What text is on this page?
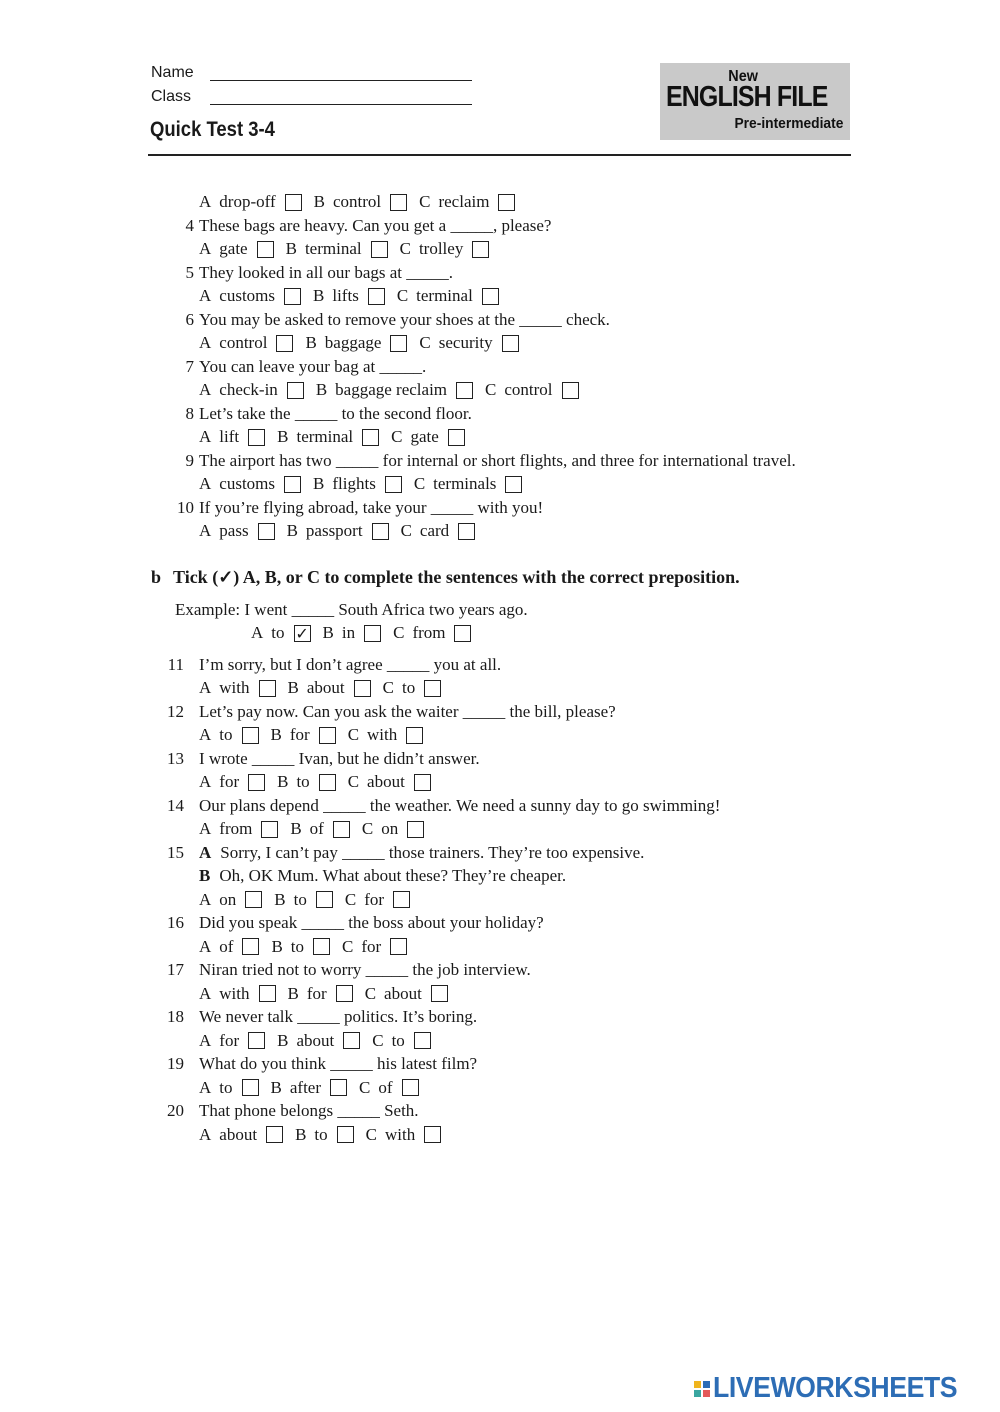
Name
Class
Quick Test 3-4
New
ENGLISH FILE
Pre-intermediate
A drop-off B control C reclaim
4 These bags are heavy. Can you get a _____, please?
A gate B terminal C trolley
5 They looked in all our bags at _____.
A customs B lifts C terminal
6 You may be asked to remove your shoes at the _____ check.
A control B baggage C security
7 You can leave your bag at _____.
A check-in B baggage reclaim C control
8 Let’s take the _____ to the second floor.
A lift B terminal C gate
9 The airport has two _____ for internal or short flights, and three for international travel.
A customs B flights C terminals
10 If you’re flying abroad, take your _____ with you!
A pass B passport C card
b Tick (✓) A, B, or C to complete the sentences with the correct preposition.
Example: I went _____ South Africa two years ago.
A to ✓ B in C from
11 I’m sorry, but I don’t agree _____ you at all.
A with B about C to
12 Let’s pay now. Can you ask the waiter _____ the bill, please?
A to B for C with
13 I wrote _____ Ivan, but he didn’t answer.
A for B to C about
14 Our plans depend _____ the weather. We need a sunny day to go swimming!
A from B of C on
15 A Sorry, I can’t pay _____ those trainers. They’re too expensive.
B Oh, OK Mum. What about these? They’re cheaper.
A on B to C for
16 Did you speak _____ the boss about your holiday?
A of B to C for
17 Niran tried not to worry _____ the job interview.
A with B for C about
18 We never talk _____ politics. It’s boring.
A for B about C to
19 What do you think _____ his latest film?
A to B after C of
20 That phone belongs _____ Seth.
A about B to C with
LIVEWORKSHEETS
